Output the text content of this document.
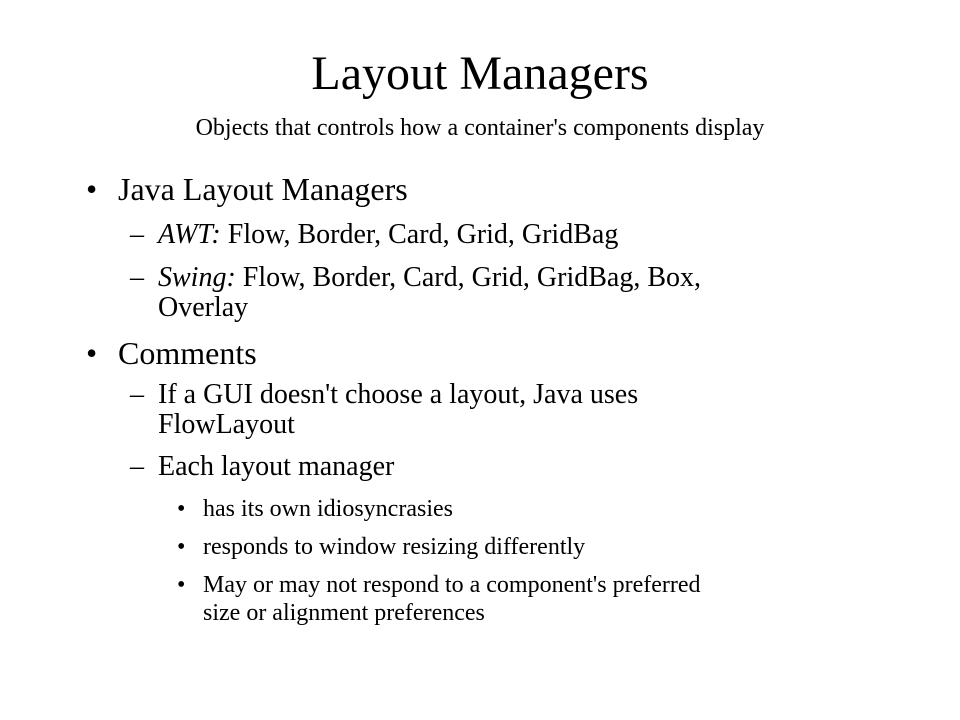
Layout Managers
Objects that controls how a container's components display
• Java Layout Managers
– AWT: Flow, Border, Card, Grid, GridBag
– Swing: Flow, Border, Card, Grid, GridBag, Box,
Overlay
• Comments
– If a GUI doesn't choose a layout, Java uses
FlowLayout
– Each layout manager
• has its own idiosyncrasies
• responds to window resizing differently
• May or may not respond to a component's preferred
size or alignment preferences
